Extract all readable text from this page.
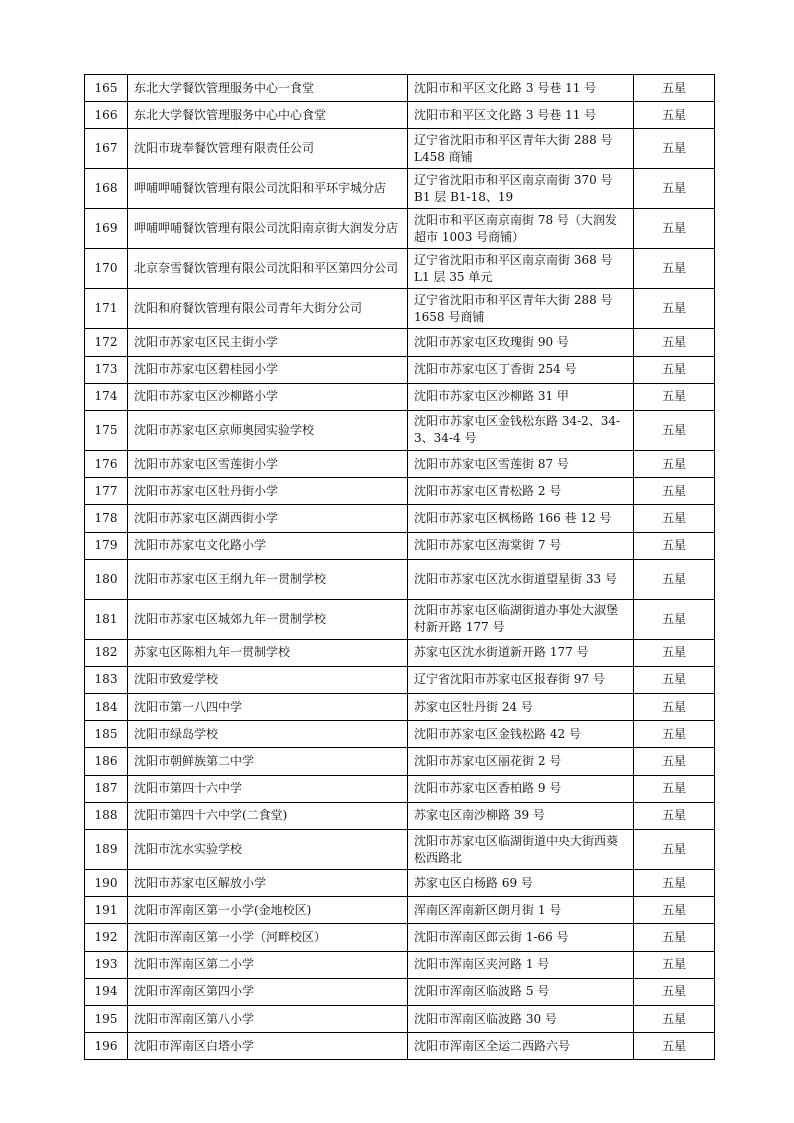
165	东北大学餐饮管理服务中心一食堂	沈阳市和平区文化路 3 号巷 11 号	五星
166	东北大学餐饮管理服务中心中心食堂	沈阳市和平区文化路 3 号巷 11 号	五星
167	沈阳市珑奉餐饮管理有限责任公司	辽宁省沈阳市和平区青年大街 288 号 L458 商铺	五星
168	呷哺呷哺餐饮管理有限公司沈阳和平环宇城分店	辽宁省沈阳市和平区南京南街 370 号 B1 层 B1-18、19	五星
169	呷哺呷哺餐饮管理有限公司沈阳南京街大润发分店	沈阳市和平区南京南街 78 号（大润发超市 1003 号商铺）	五星
170	北京奈雪餐饮管理有限公司沈阳和平区第四分公司	辽宁省沈阳市和平区南京南街 368 号 L1 层 35 单元	五星
171	沈阳和府餐饮管理有限公司青年大街分公司	辽宁省沈阳市和平区青年大街 288 号 1658 号商铺	五星
172	沈阳市苏家屯区民主街小学	沈阳市苏家屯区玫瑰街 90 号	五星
173	沈阳市苏家屯区碧桂园小学	沈阳市苏家屯区丁香街 254 号	五星
174	沈阳市苏家屯区沙柳路小学	沈阳市苏家屯区沙柳路 31 甲	五星
175	沈阳市苏家屯区京师奥园实验学校	沈阳市苏家屯区金钱松东路 34-2、34-3、34-4 号	五星
176	沈阳市苏家屯区雪莲街小学	沈阳市苏家屯区雪莲街 87 号	五星
177	沈阳市苏家屯区牡丹街小学	沈阳市苏家屯区青松路 2 号	五星
178	沈阳市苏家屯区湖西街小学	沈阳市苏家屯区枫杨路 166 巷 12 号	五星
179	沈阳市苏家屯文化路小学	沈阳市苏家屯区海棠街 7 号	五星
180	沈阳市苏家屯区王纲九年一贯制学校	沈阳市苏家屯区沈水街道望星街 33 号	五星
181	沈阳市苏家屯区城郊九年一贯制学校	沈阳市苏家屯区临湖街道办事处大淑堡村新开路 177 号	五星
182	苏家屯区陈相九年一贯制学校	苏家屯区沈水街道新开路 177 号	五星
183	沈阳市致爱学校	辽宁省沈阳市苏家屯区报春街 97 号	五星
184	沈阳市第一八四中学	苏家屯区牡丹街 24 号	五星
185	沈阳市绿岛学校	沈阳市苏家屯区金钱松路 42 号	五星
186	沈阳市朝鲜族第二中学	沈阳市苏家屯区丽花街 2 号	五星
187	沈阳市第四十六中学	沈阳市苏家屯区香柏路 9 号	五星
188	沈阳市第四十六中学(二食堂)	苏家屯区南沙柳路 39 号	五星
189	沈阳市沈水实验学校	沈阳市苏家屯区临湖街道中央大街西葵松西路北	五星
190	沈阳市苏家屯区解放小学	苏家屯区白杨路 69 号	五星
191	沈阳市浑南区第一小学(金地校区)	浑南区浑南新区朗月街 1 号	五星
192	沈阳市浑南区第一小学（河畔校区）	沈阳市浑南区郎云街 1-66 号	五星
193	沈阳市浑南区第二小学	沈阳市浑南区夹河路 1 号	五星
194	沈阳市浑南区第四小学	沈阳市浑南区临波路 5 号	五星
195	沈阳市浑南区第八小学	沈阳市浑南区临波路 30 号	五星
196	沈阳市浑南区白塔小学	沈阳市浑南区全运二西路六号	五星
